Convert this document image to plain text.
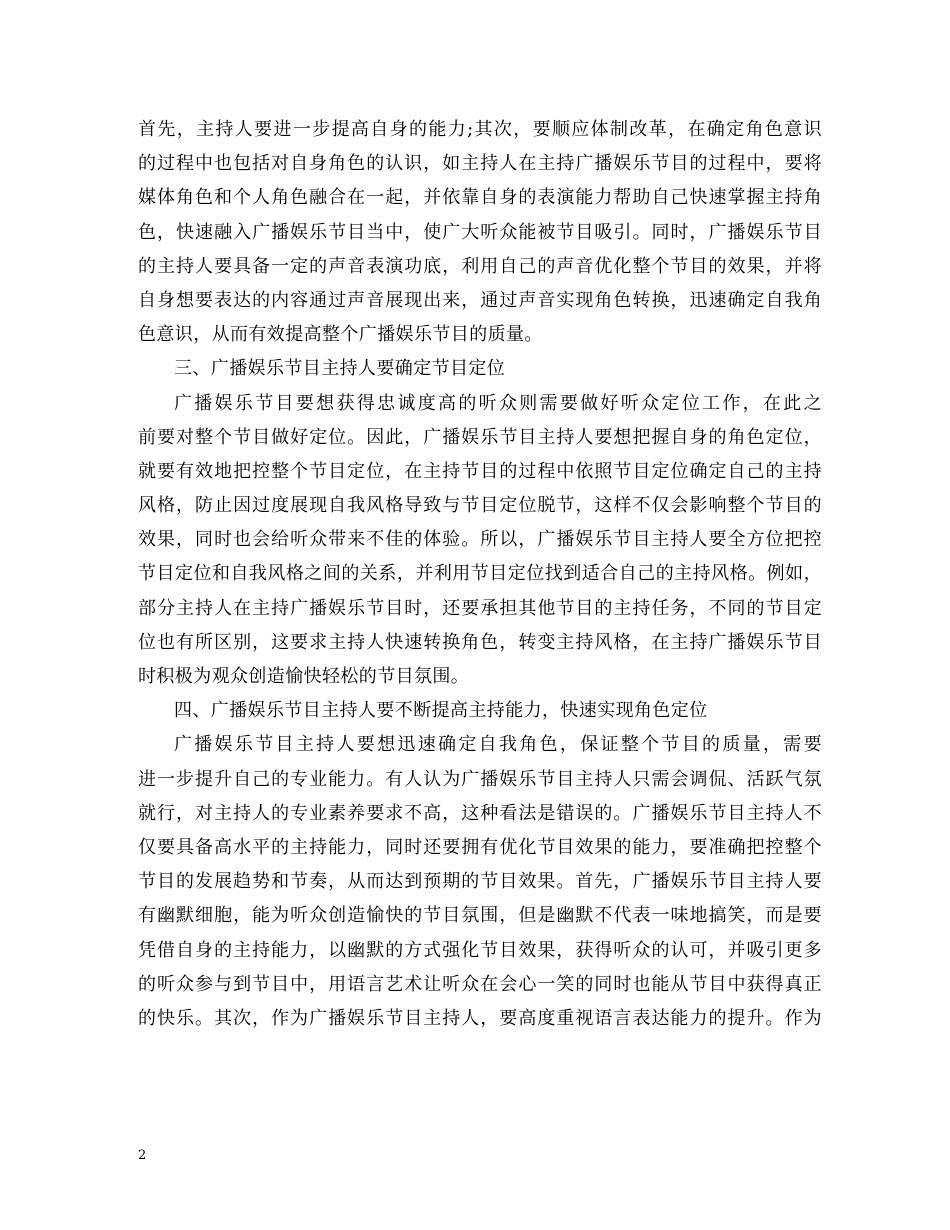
首先，主持人要进一步提高自身的能力;其次，要顺应体制改革，在确定角色意识
的过程中也包括对自身角色的认识，如主持人在主持广播娱乐节目的过程中，要将
媒体角色和个人角色融合在一起，并依靠自身的表演能力帮助自己快速掌握主持角
色，快速融入广播娱乐节目当中，使广大听众能被节目吸引。同时，广播娱乐节目
的主持人要具备一定的声音表演功底，利用自己的声音优化整个节目的效果，并将
自身想要表达的内容通过声音展现出来，通过声音实现角色转换，迅速确定自我角
色意识，从而有效提高整个广播娱乐节目的质量。
三、广播娱乐节目主持人要确定节目定位
广播娱乐节目要想获得忠诚度高的听众则需要做好听众定位工作，在此之
前要对整个节目做好定位。因此，广播娱乐节目主持人要想把握自身的角色定位，
就要有效地把控整个节目定位，在主持节目的过程中依照节目定位确定自己的主持
风格，防止因过度展现自我风格导致与节目定位脱节，这样不仅会影响整个节目的
效果，同时也会给听众带来不佳的体验。所以，广播娱乐节目主持人要全方位把控
节目定位和自我风格之间的关系，并利用节目定位找到适合自己的主持风格。例如，
部分主持人在主持广播娱乐节目时，还要承担其他节目的主持任务，不同的节目定
位也有所区别，这要求主持人快速转换角色，转变主持风格，在主持广播娱乐节目
时积极为观众创造愉快轻松的节目氛围。
四、广播娱乐节目主持人要不断提高主持能力，快速实现角色定位
广播娱乐节目主持人要想迅速确定自我角色，保证整个节目的质量，需要
进一步提升自己的专业能力。有人认为广播娱乐节目主持人只需会调侃、活跃气氛
就行，对主持人的专业素养要求不高，这种看法是错误的。广播娱乐节目主持人不
仅要具备高水平的主持能力，同时还要拥有优化节目效果的能力，要准确把控整个
节目的发展趋势和节奏，从而达到预期的节目效果。首先，广播娱乐节目主持人要
有幽默细胞，能为听众创造愉快的节目氛围，但是幽默不代表一味地搞笑，而是要
凭借自身的主持能力，以幽默的方式强化节目效果，获得听众的认可，并吸引更多
的听众参与到节目中，用语言艺术让听众在会心一笑的同时也能从节目中获得真正
的快乐。其次，作为广播娱乐节目主持人，要高度重视语言表达能力的提升。作为
2
